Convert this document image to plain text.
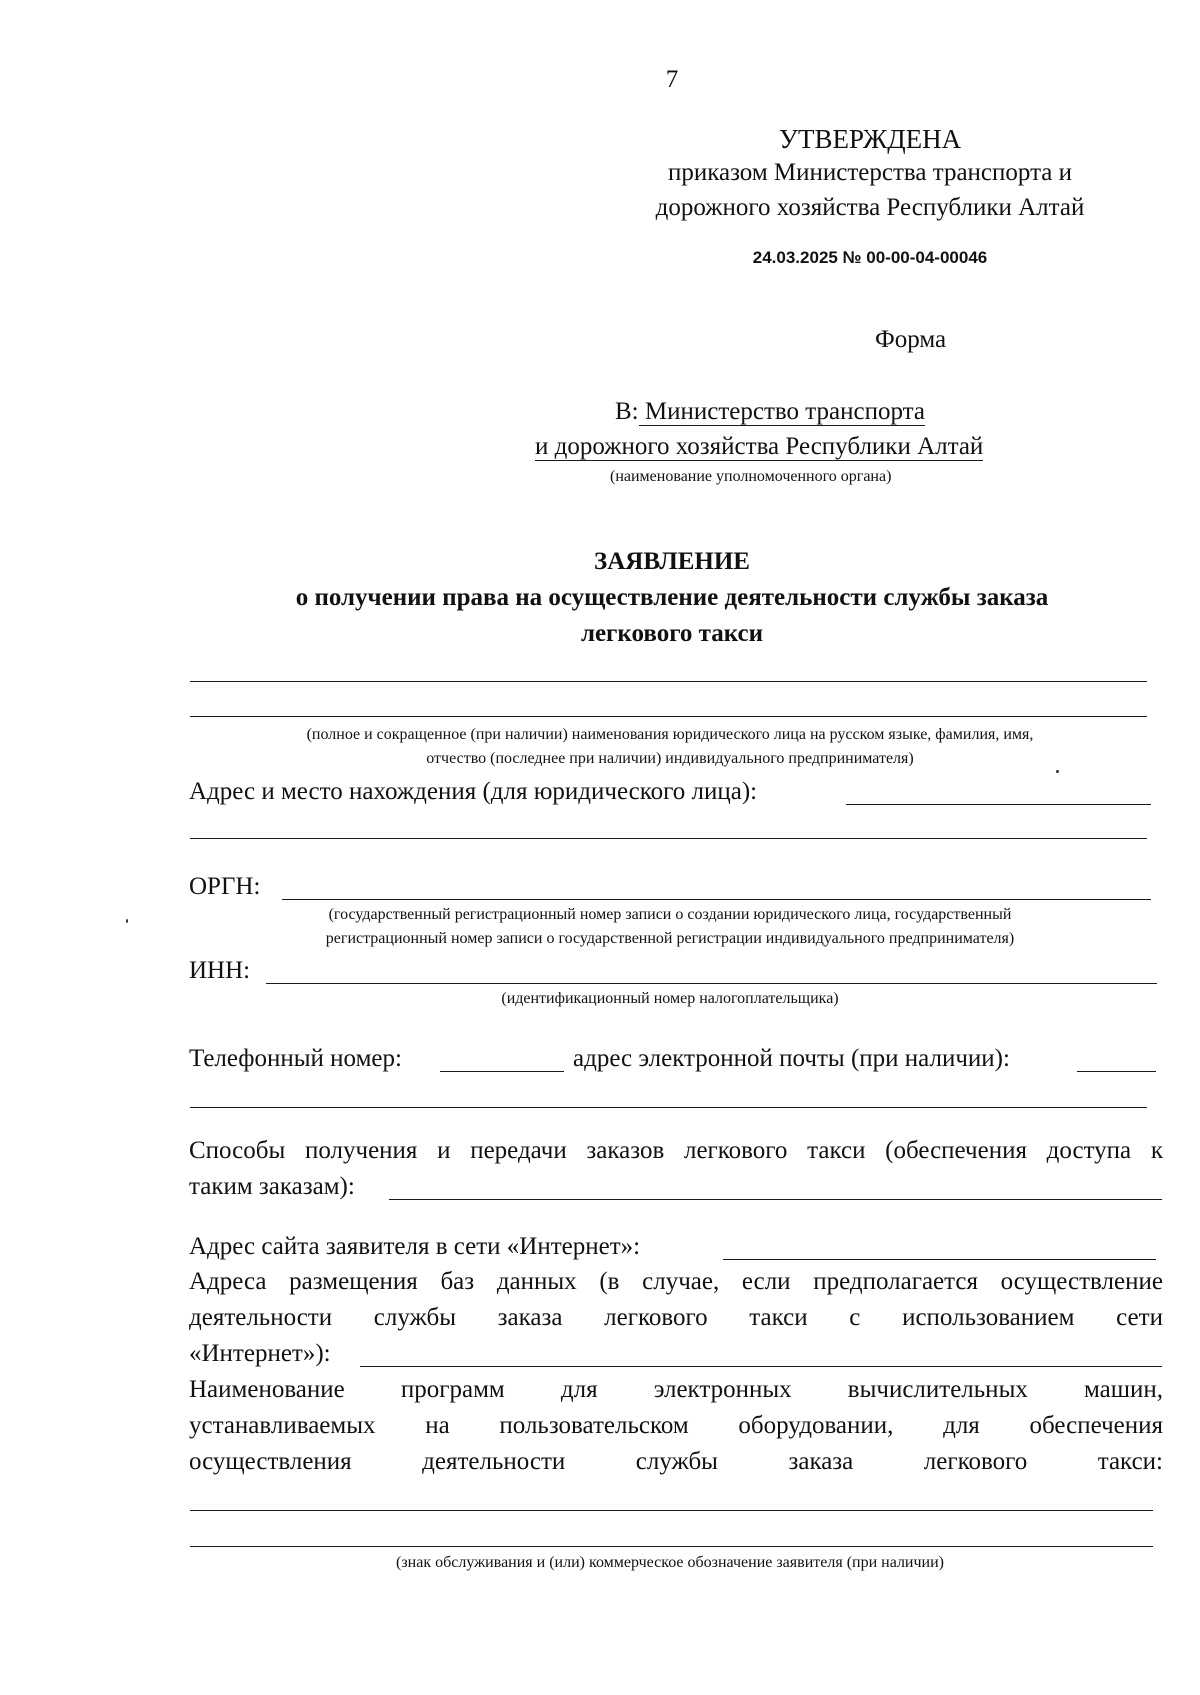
7
УТВЕРЖДЕНА
приказом Министерства транспорта и
дорожного хозяйства Республики Алтай
24.03.2025 № 00-00-04-00046
Форма
В: Министерство транспорта
и дорожного хозяйства Республики Алтай
(наименование уполномоченного органа)
ЗАЯВЛЕНИЕ
о получении права на осуществление деятельности службы заказа
легкового такси
(полное и сокращенное (при наличии) наименования юридического лица на русском языке, фамилия, имя,
отчество (последнее при наличии) индивидуального предпринимателя)
Адрес и место нахождения (для юридического лица):
ОРГН:
(государственный регистрационный номер записи о создании юридического лица, государственный
регистрационный номер записи о государственной регистрации индивидуального предпринимателя)
ИНН:
(идентификационный номер налогоплательщика)
Телефонный номер:	адрес электронной почты (при наличии):
Способы получения и передачи заказов легкового такси (обеспечения доступа к
таким заказам):
Адрес сайта заявителя в сети «Интернет»:
Адреса размещения баз данных (в случае, если предполагается осуществление
деятельности службы заказа легкового такси с использованием сети
«Интернет»):
Наименование программ для электронных вычислительных машин,
устанавливаемых на пользовательском оборудовании, для обеспечения
осуществления	деятельности	службы	заказа	легкового	такси:
(знак обслуживания и (или) коммерческое обозначение заявителя (при наличии)
